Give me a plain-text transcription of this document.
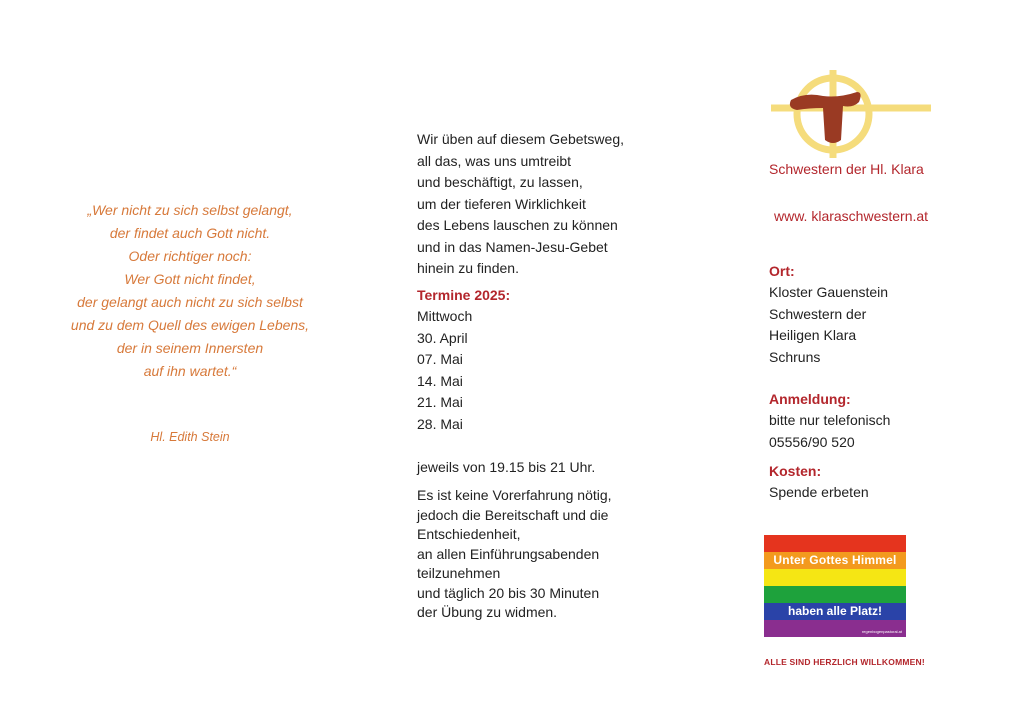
„Wer nicht zu sich selbst gelangt,
der findet auch Gott nicht.
Oder richtiger noch:
Wer Gott nicht findet,
der gelangt auch nicht zu sich selbst
und zu dem Quell des ewigen Lebens,
der in seinem Innersten
auf ihn wartet.“
Hl. Edith Stein
Wir üben auf diesem Gebetsweg,
all das, was uns umtreibt
und beschäftigt, zu lassen,
um der tieferen Wirklichkeit
des Lebens lauschen zu können
und in das Namen-Jesu-Gebet
hinein zu finden.
Termine 2025:
Mittwoch
30. April
07. Mai
14. Mai
21. Mai
28. Mai
jeweils von 19.15 bis 21 Uhr.
Es ist keine Vorerfahrung nötig,
jedoch die Bereitschaft und die
Entschiedenheit,
an allen Einführungsabenden
teilzunehmen
und täglich 20 bis 30 Minuten
der Übung zu widmen.
Schwestern der Hl. Klara
www. klaraschwestern.at
Ort:
Kloster Gauenstein
Schwestern der
Heiligen Klara
Schruns
Anmeldung:
bitte nur telefonisch
05556/90 520
Kosten:
Spende erbeten
Unter Gottes Himmel
haben alle Platz!
regenbogenpastoral.at
ALLE SIND HERZLICH WILLKOMMEN!
